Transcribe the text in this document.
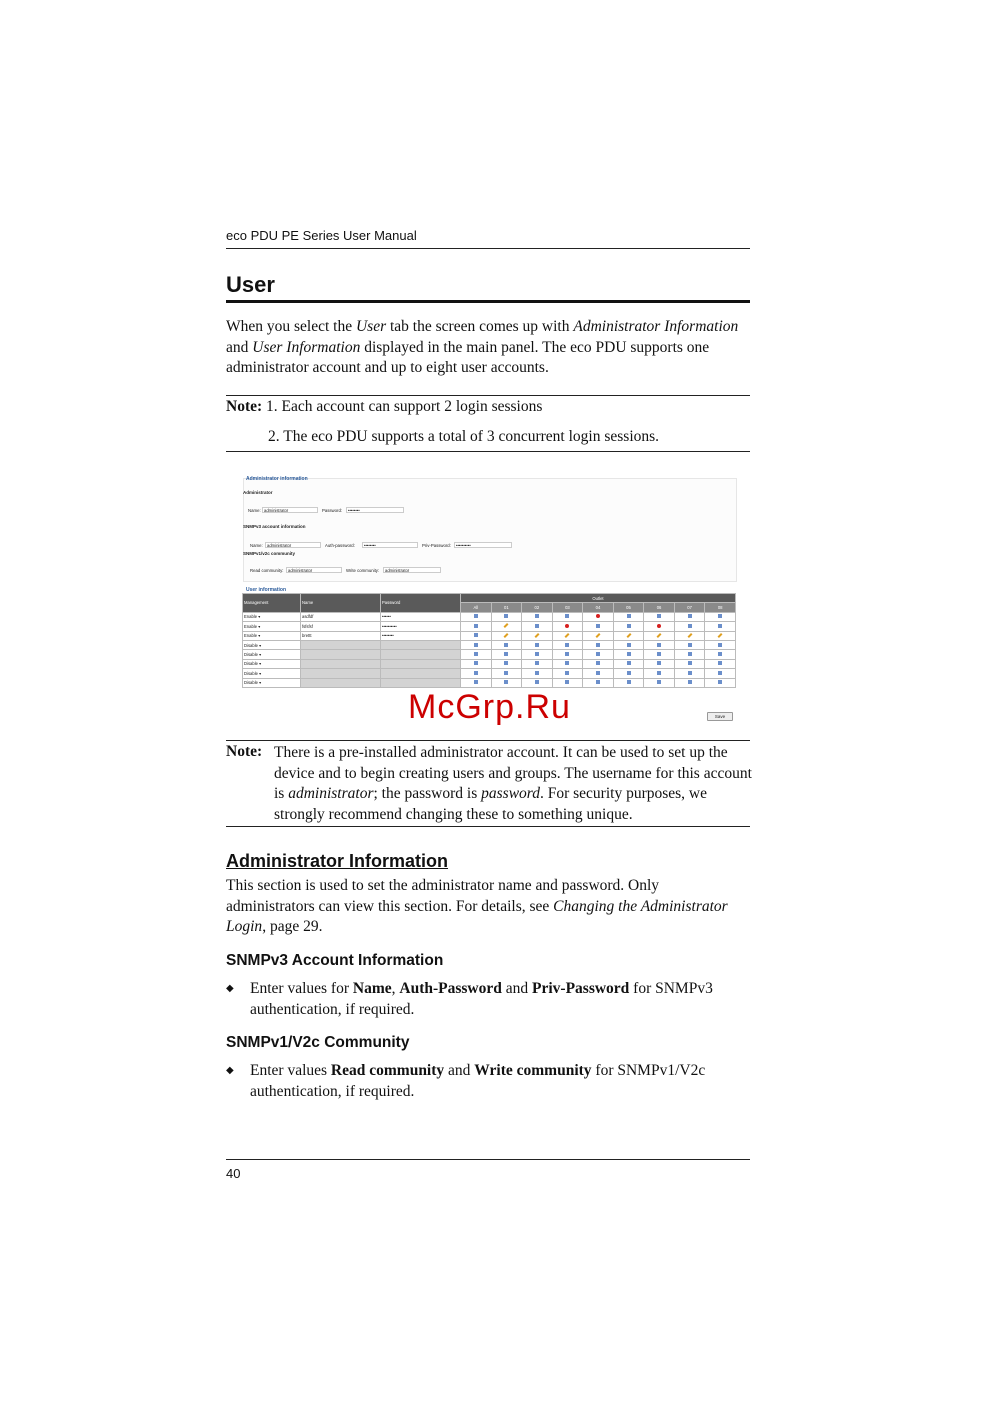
eco PDU PE Series User Manual
User
When you select the User tab the screen comes up with Administrator Information and User Information displayed in the main panel. The eco PDU supports one administrator account and up to eight user accounts.
Note: 1. Each account can support 2 login sessions
2. The eco PDU supports a total of 3 concurrent login sessions.
Administrator information
Administrator
Name: administrator	Password:	••••••••
SNMPv3 account information
Name:	administrator	Auth-password:	••••••••	Priv-Password:	••••••••••
SNMPv1/v2c community
Read community:	administrator	Write community:	administrator
User information
Management	Name	Password	Outlet								
			All	01	02	03	04	05	06	07	08
Enable ▾	asdfdf	••••••									
Enable ▾	fsfsfsf	••••••••••									
Enable ▾	brettt	••••••••									
Disable ▾											
Disable ▾											
Disable ▾											
Disable ▾											
Disable ▾											
Save
McGrp.Ru
Note: There is a pre-installed administrator account. It can be used to set up the device and to begin creating users and groups. The username for this account is administrator; the password is password. For security purposes, we strongly recommend changing these to something unique.
Administrator Information
This section is used to set the administrator name and password. Only administrators can view this section. For details, see Changing the Administrator Login, page 29.
SNMPv3 Account Information
◆ Enter values for Name, Auth-Password and Priv-Password for SNMPv3 authentication, if required.
SNMPv1/V2c Community
◆ Enter values Read community and Write community for SNMPv1/V2c authentication, if required.
40
